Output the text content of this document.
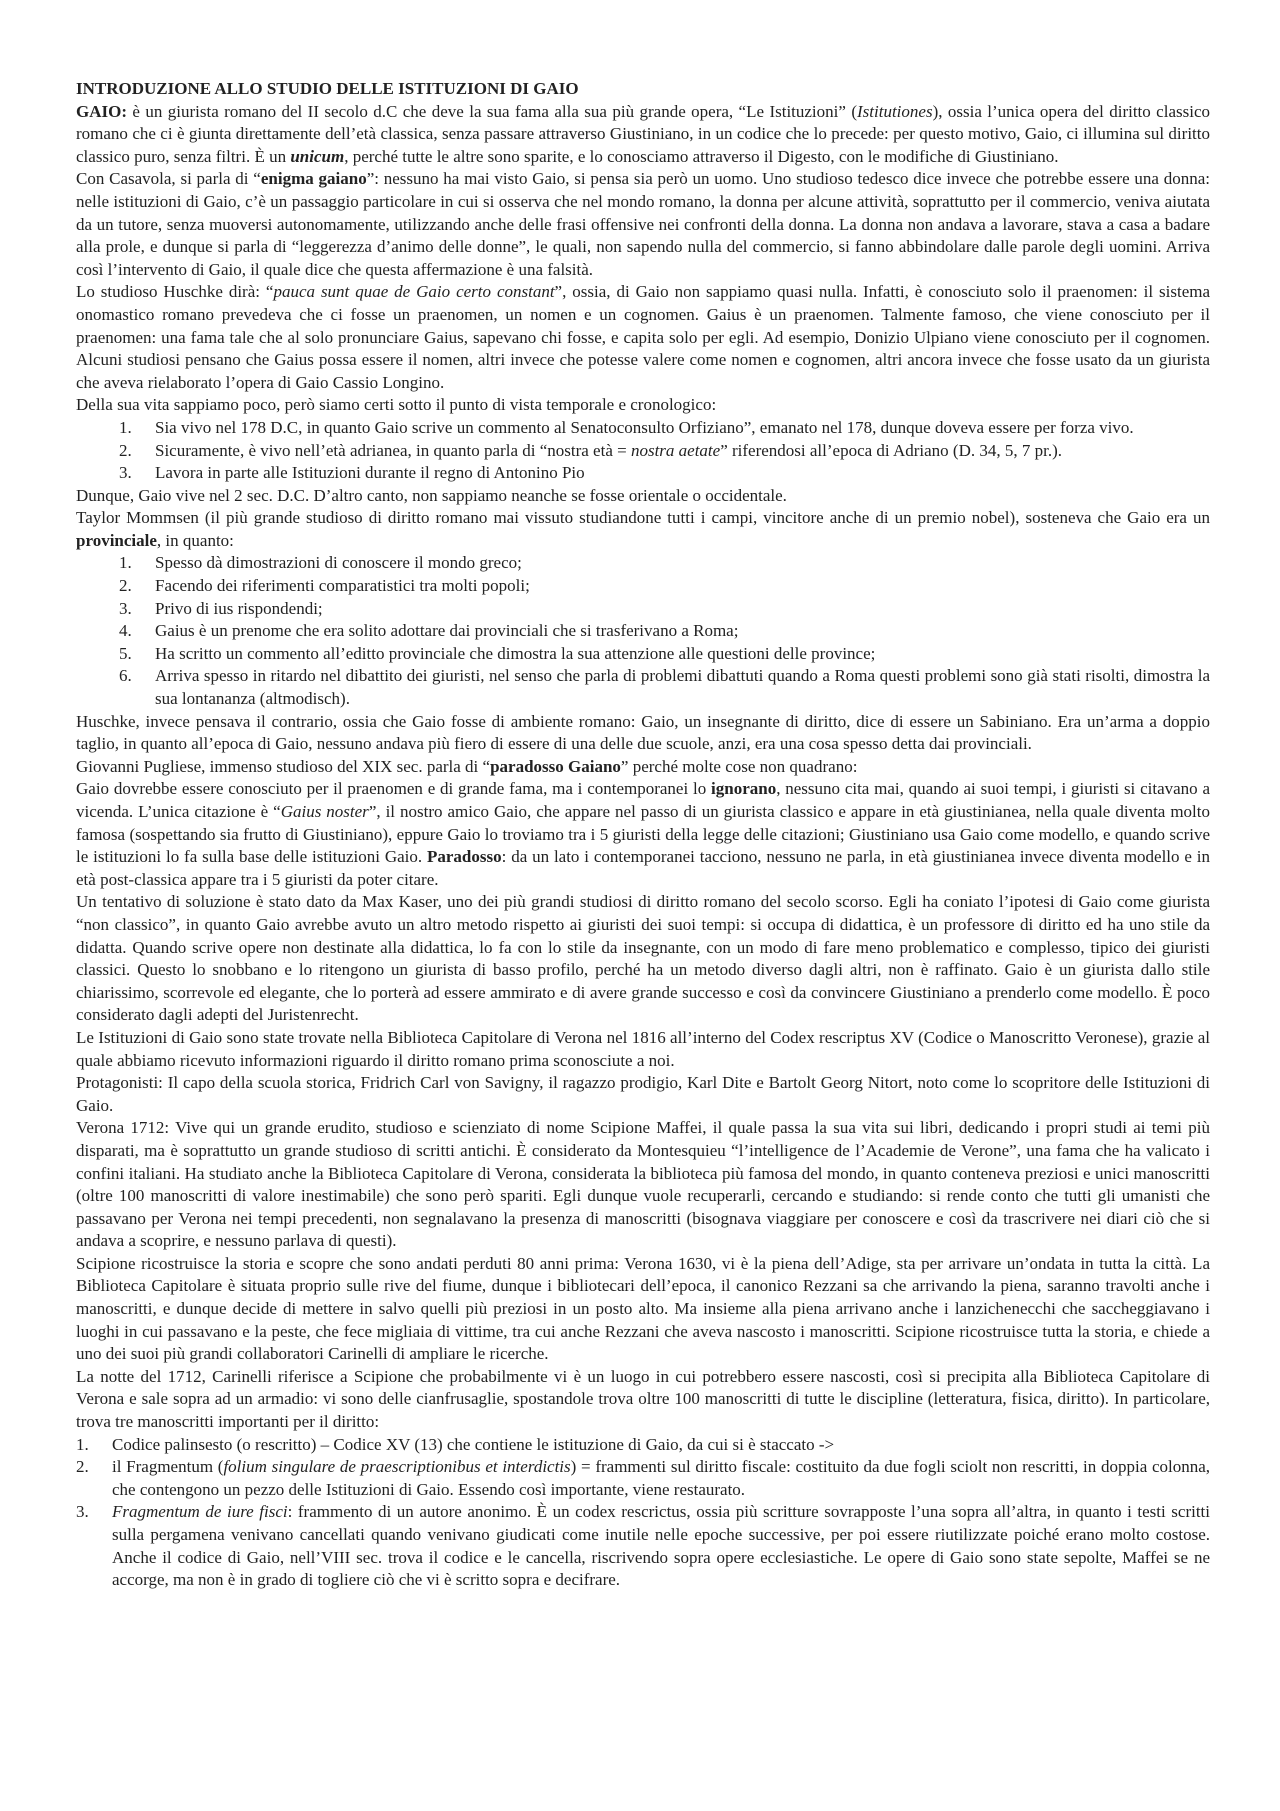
INTRODUZIONE ALLO STUDIO DELLE ISTITUZIONI DI GAIO

GAIO: è un giurista romano del II secolo d.C che deve la sua fama alla sua più grande opera, “Le Istituzioni” (Istitutiones), ossia l’unica opera del diritto classico romano che ci è giunta direttamente dell’età classica, senza passare attraverso Giustiniano, in un codice che lo precede: per questo motivo, Gaio, ci illumina sul diritto classico puro, senza filtri. È un unicum, perché tutte le altre sono sparite, e lo conosciamo attraverso il Digesto, con le modifiche di Giustiniano.

Con Casavola, si parla di “enigma gaiano”: nessuno ha mai visto Gaio, si pensa sia però un uomo. Uno studioso tedesco dice invece che potrebbe essere una donna: nelle istituzioni di Gaio, c’è un passaggio particolare in cui si osserva che nel mondo romano, la donna per alcune attività, soprattutto per il commercio, veniva aiutata da un tutore, senza muoversi autonomamente, utilizzando anche delle frasi offensive nei confronti della donna. La donna non andava a lavorare, stava a casa a badare alla prole, e dunque si parla di “leggerezza d’animo delle donne”, le quali, non sapendo nulla del commercio, si fanno abbindolare dalle parole degli uomini. Arriva così l’intervento di Gaio, il quale dice che questa affermazione è una falsità.

Lo studioso Huschke dirà: “pauca sunt quae de Gaio certo constant”, ossia, di Gaio non sappiamo quasi nulla. Infatti, è conosciuto solo il praenomen: il sistema onomastico romano prevedeva che ci fosse un praenomen, un nomen e un cognomen. Gaius è un praenomen. Talmente famoso, che viene conosciuto per il praenomen: una fama tale che al solo pronunciare Gaius, sapevano chi fosse, e capita solo per egli. Ad esempio, Donizio Ulpiano viene conosciuto per il cognomen. Alcuni studiosi pensano che Gaius possa essere il nomen, altri invece che potesse valere come nomen e cognomen, altri ancora invece che fosse usato da un giurista che aveva rielaborato l’opera di Gaio Cassio Longino.

Della sua vita sappiamo poco, però siamo certi sotto il punto di vista temporale e cronologico:

1. Sia vivo nel 178 D.C, in quanto Gaio scrive un commento al Senatoconsulto Orfiziano”, emanato nel 178, dunque doveva essere per forza vivo.
2. Sicuramente, è vivo nell’età adrianea, in quanto parla di “nostra età = nostra aetate” riferendosi all’epoca di Adriano (D. 34, 5, 7 pr.).
3. Lavora in parte alle Istituzioni durante il regno di Antonino Pio

Dunque, Gaio vive nel 2 sec. D.C. D’altro canto, non sappiamo neanche se fosse orientale o occidentale.

Taylor Mommsen (il più grande studioso di diritto romano mai vissuto studiandone tutti i campi, vincitore anche di un premio nobel), sosteneva che Gaio era un provinciale, in quanto:

1. Spesso dà dimostrazioni di conoscere il mondo greco;
2. Facendo dei riferimenti comparatistici tra molti popoli;
3. Privo di ius rispondendi;
4. Gaius è un prenome che era solito adottare dai provinciali che si trasferivano a Roma;
5. Ha scritto un commento all’editto provinciale che dimostra la sua attenzione alle questioni delle province;
6. Arriva spesso in ritardo nel dibattito dei giuristi, nel senso che parla di problemi dibattuti quando a Roma questi problemi sono già stati risolti, dimostra la sua lontananza (altmodisch).

Huschke, invece pensava il contrario, ossia che Gaio fosse di ambiente romano: Gaio, un insegnante di diritto, dice di essere un Sabiniano. Era un’arma a doppio taglio, in quanto all’epoca di Gaio, nessuno andava più fiero di essere di una delle due scuole, anzi, era una cosa spesso detta dai provinciali.

Giovanni Pugliese, immenso studioso del XIX sec. parla di “paradosso Gaiano” perché molte cose non quadrano:

Gaio dovrebbe essere conosciuto per il praenomen e di grande fama, ma i contemporanei lo ignorano, nessuno cita mai, quando ai suoi tempi, i giuristi si citavano a vicenda. L’unica citazione è “Gaius noster”, il nostro amico Gaio, che appare nel passo di un giurista classico e appare in età giustinianea, nella quale diventa molto famosa (sospettando sia frutto di Giustiniano), eppure Gaio lo troviamo tra i 5 giuristi della legge delle citazioni; Giustiniano usa Gaio come modello, e quando scrive le istituzioni lo fa sulla base delle istituzioni Gaio. Paradosso: da un lato i contemporanei tacciono, nessuno ne parla, in età giustinianea invece diventa modello e in età post-classica appare tra i 5 giuristi da poter citare.

Un tentativo di soluzione è stato dato da Max Kaser, uno dei più grandi studiosi di diritto romano del secolo scorso. Egli ha coniato l’ipotesi di Gaio come giurista “non classico”, in quanto Gaio avrebbe avuto un altro metodo rispetto ai giuristi dei suoi tempi: si occupa di didattica, è un professore di diritto ed ha uno stile da didatta. Quando scrive opere non destinate alla didattica, lo fa con lo stile da insegnante, con un modo di fare meno problematico e complesso, tipico dei giuristi classici. Questo lo snobbano e lo ritengono un giurista di basso profilo, perché ha un metodo diverso dagli altri, non è raffinato. Gaio è un giurista dallo stile chiarissimo, scorrevole ed elegante, che lo porterà ad essere ammirato e di avere grande successo e così da convincere Giustiniano a prenderlo come modello. È poco considerato dagli adepti del Juristenrecht.

Le Istituzioni di Gaio sono state trovate nella Biblioteca Capitolare di Verona nel 1816 all’interno del Codex rescriptus XV (Codice o Manoscritto Veronese), grazie al quale abbiamo ricevuto informazioni riguardo il diritto romano prima sconosciute a noi.

Protagonisti: Il capo della scuola storica, Fridrich Carl von Savigny, il ragazzo prodigio, Karl Dite e Bartolt Georg Nitort, noto come lo scopritore delle Istituzioni di Gaio.

Verona 1712: Vive qui un grande erudito, studioso e scienziato di nome Scipione Maffei, il quale passa la sua vita sui libri, dedicando i propri studi ai temi più disparati, ma è soprattutto un grande studioso di scritti antichi. È considerato da Montesquieu “l’intelligence de l’Academie de Verone”, una fama che ha valicato i confini italiani. Ha studiato anche la Biblioteca Capitolare di Verona, considerata la biblioteca più famosa del mondo, in quanto conteneva preziosi e unici manoscritti (oltre 100 manoscritti di valore inestimabile) che sono però spariti. Egli dunque vuole recuperarli, cercando e studiando: si rende conto che tutti gli umanisti che passavano per Verona nei tempi precedenti, non segnalavano la presenza di manoscritti (bisognava viaggiare per conoscere e così da trascrivere nei diari ciò che si andava a scoprire, e nessuno parlava di questi).

Scipione ricostruisce la storia e scopre che sono andati perduti 80 anni prima: Verona 1630, vi è la piena dell’Adige, sta per arrivare un’ondata in tutta la città. La Biblioteca Capitolare è situata proprio sulle rive del fiume, dunque i bibliotecari dell’epoca, il canonico Rezzani sa che arrivando la piena, saranno travolti anche i manoscritti, e dunque decide di mettere in salvo quelli più preziosi in un posto alto. Ma insieme alla piena arrivano anche i lanzichenecchi che saccheggiavano i luoghi in cui passavano e la peste, che fece migliaia di vittime, tra cui anche Rezzani che aveva nascosto i manoscritti. Scipione ricostruisce tutta la storia, e chiede a uno dei suoi più grandi collaboratori Carinelli di ampliare le ricerche.

La notte del 1712, Carinelli riferisce a Scipione che probabilmente vi è un luogo in cui potrebbero essere nascosti, così si precipita alla Biblioteca Capitolare di Verona e sale sopra ad un armadio: vi sono delle cianfrusaglie, spostandole trova oltre 100 manoscritti di tutte le discipline (letteratura, fisica, diritto). In particolare, trova tre manoscritti importanti per il diritto:

1. Codice palinsesto (o rescritto) – Codice XV (13) che contiene le istituzione di Gaio, da cui si è staccato ->
2. il Fragmentum (folium singulare de praescriptionibus et interdictis) = frammenti sul diritto fiscale: costituito da due fogli sciolt non rescritti, in doppia colonna, che contengono un pezzo delle Istituzioni di Gaio. Essendo così importante, viene restaurato.
3. Fragmentum de iure fisci: frammento di un autore anonimo. È un codex rescrictus, ossia più scritture sovrapposte l’una sopra all’altra, in quanto i testi scritti sulla pergamena venivano cancellati quando venivano giudicati come inutile nelle epoche successive, per poi essere riutilizzate poiché erano molto costose. Anche il codice di Gaio, nell’VIII sec. trova il codice e le cancella, riscrivendo sopra opere ecclesiastiche. Le opere di Gaio sono state sepolte, Maffei se ne accorge, ma non è in grado di togliere ciò che vi è scritto sopra e decifrare.
